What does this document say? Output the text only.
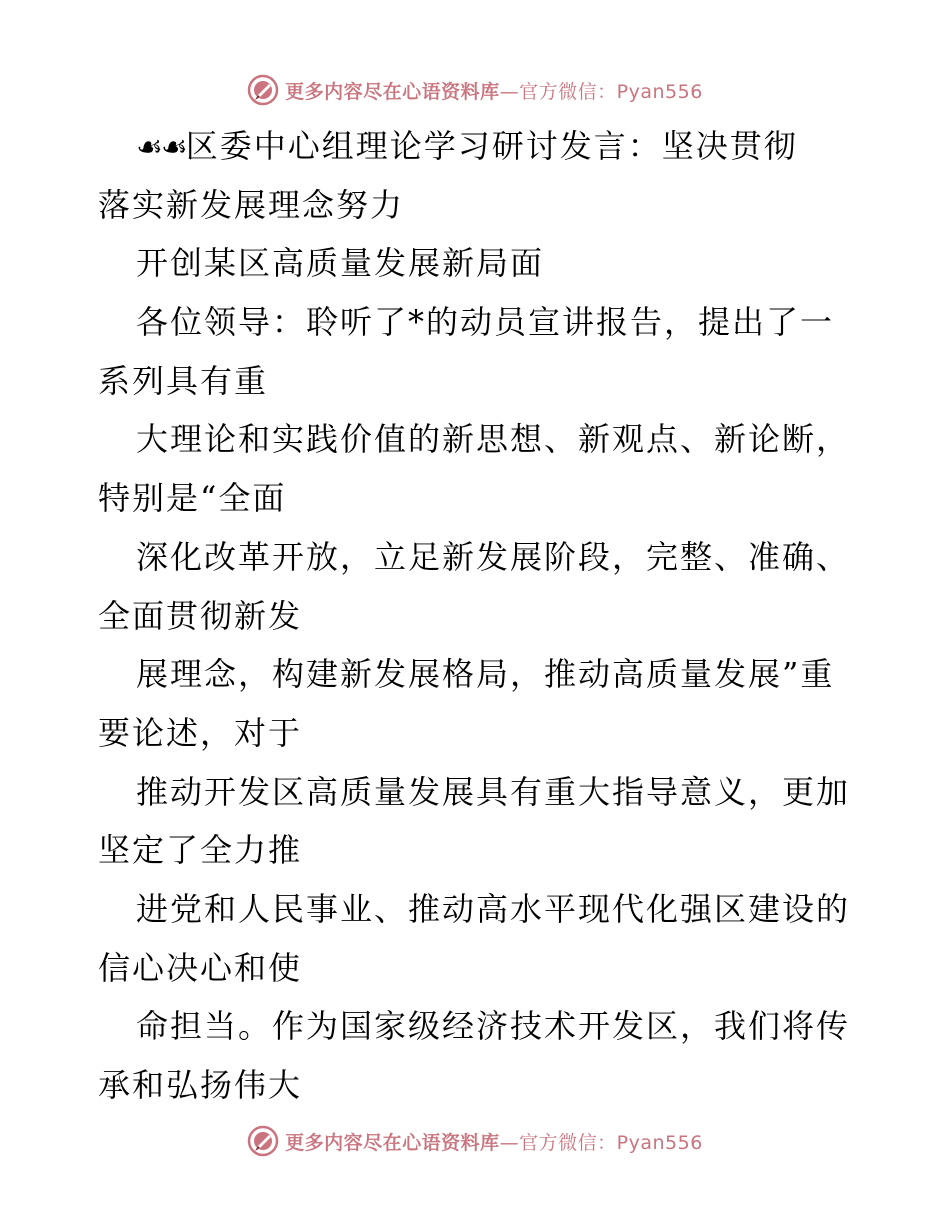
更多内容尽在心语资料库—官方微信：Pyan556
☙☙区委中心组理论学习研讨发言：坚决贯彻
落实新发展理念努力
开创某区高质量发展新局面
各位领导：聆听了*的动员宣讲报告，提出了一
系列具有重
大理论和实践价值的新思想、新观点、新论断，
特别是“全面
深化改革开放，立足新发展阶段，完整、准确、
全面贯彻新发
展理念，构建新发展格局，推动高质量发展”重
要论述，对于
推动开发区高质量发展具有重大指导意义，更加
坚定了全力推
进党和人民事业、推动高水平现代化强区建设的
信心决心和使
命担当。作为国家级经济技术开发区，我们将传
承和弘扬伟大
更多内容尽在心语资料库—官方微信：Pyan556
